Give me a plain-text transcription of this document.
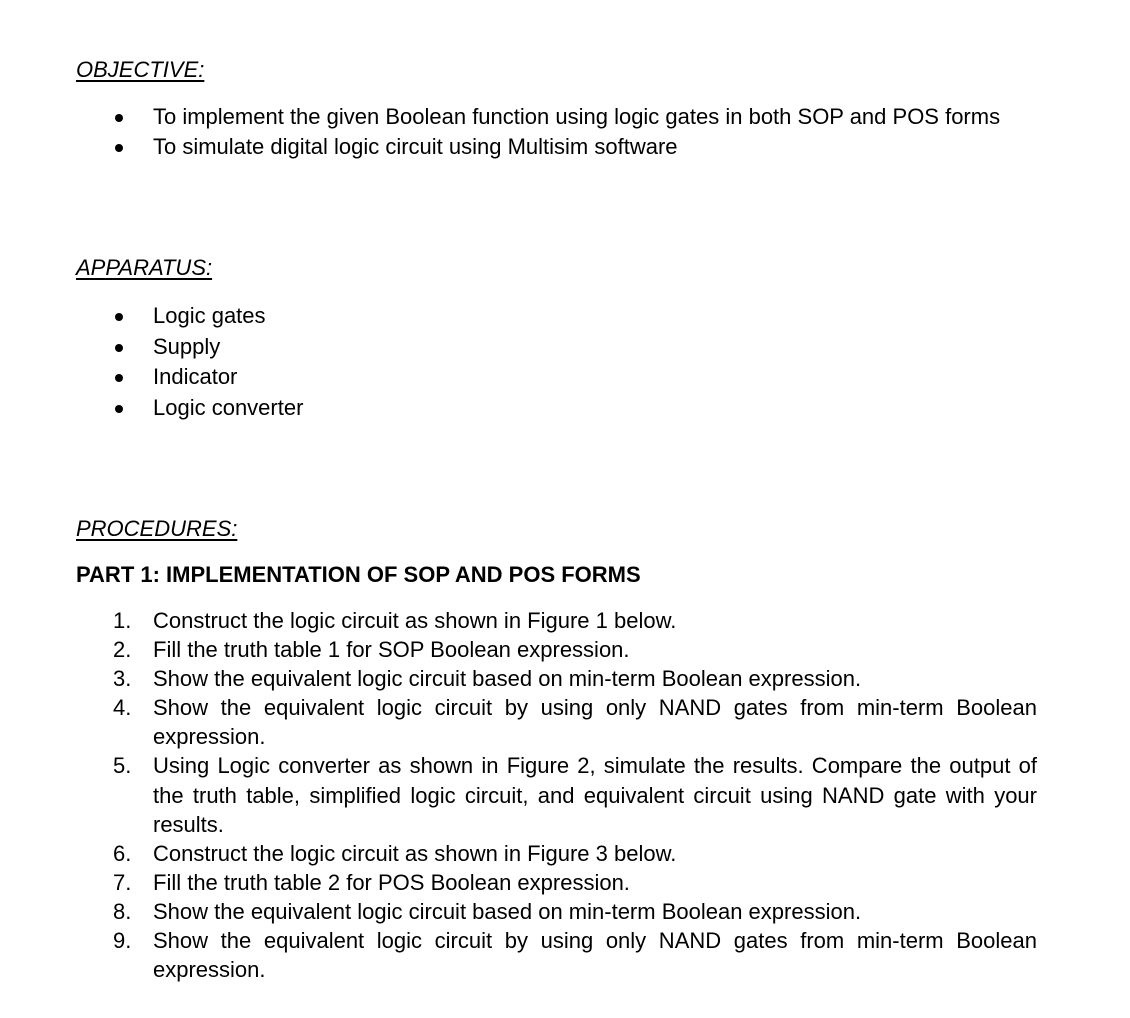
OBJECTIVE:
To implement the given Boolean function using logic gates in both SOP and POS forms
To simulate digital logic circuit using Multisim software
APPARATUS:
Logic gates
Supply
Indicator
Logic converter
PROCEDURES:
PART 1: IMPLEMENTATION OF SOP AND POS FORMS
1. Construct the logic circuit as shown in Figure 1 below.
2. Fill the truth table 1 for SOP Boolean expression.
3. Show the equivalent logic circuit based on min-term Boolean expression.
4. Show the equivalent logic circuit by using only NAND gates from min-term Boolean expression.
5. Using Logic converter as shown in Figure 2, simulate the results. Compare the output of the truth table, simplified logic circuit, and equivalent circuit using NAND gate with your results.
6. Construct the logic circuit as shown in Figure 3 below.
7. Fill the truth table 2 for POS Boolean expression.
8. Show the equivalent logic circuit based on min-term Boolean expression.
9. Show the equivalent logic circuit by using only NAND gates from min-term Boolean expression.
